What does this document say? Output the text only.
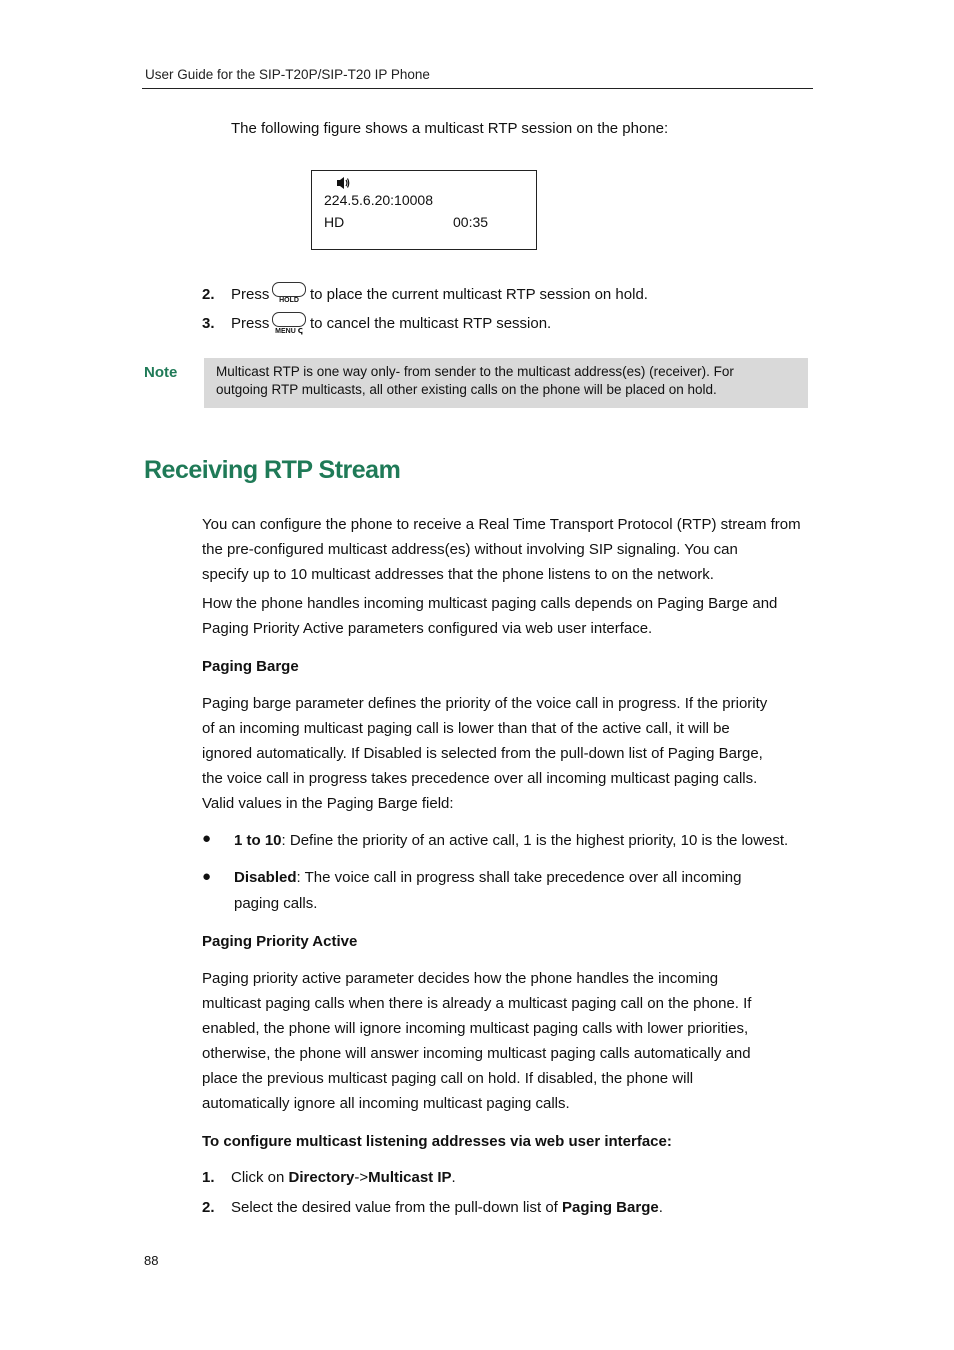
User Guide for the SIP-T20P/SIP-T20 IP Phone
The following figure shows a multicast RTP session on the phone:
224.5.6.20:10008
HD	00:35
2. Press	HOLD to place the current multicast RTP session on hold.
3. Press MENU ↅ to cancel the multicast RTP session.
Note	Multicast RTP is one way only- from sender to the multicast address(es) (receiver). For
outgoing RTP multicasts, all other existing calls on the phone will be placed on hold.
Receiving RTP Stream
You can configure the phone to receive a Real Time Transport Protocol (RTP) stream from
the pre-configured multicast address(es) without involving SIP signaling. You can
specify up to 10 multicast addresses that the phone listens to on the network.
How the phone handles incoming multicast paging calls depends on Paging Barge and
Paging Priority Active parameters configured via web user interface.
Paging Barge
Paging barge parameter defines the priority of the voice call in progress. If the priority
of an incoming multicast paging call is lower than that of the active call, it will be
ignored automatically. If Disabled is selected from the pull-down list of Paging Barge,
the voice call in progress takes precedence over all incoming multicast paging calls.
Valid values in the Paging Barge field:
● 1 to 10: Define the priority of an active call, 1 is the highest priority, 10 is the lowest.
● Disabled: The voice call in progress shall take precedence over all incoming
paging calls.
Paging Priority Active
Paging priority active parameter decides how the phone handles the incoming
multicast paging calls when there is already a multicast paging call on the phone. If
enabled, the phone will ignore incoming multicast paging calls with lower priorities,
otherwise, the phone will answer incoming multicast paging calls automatically and
place the previous multicast paging call on hold. If disabled, the phone will
automatically ignore all incoming multicast paging calls.
To configure multicast listening addresses via web user interface:
1. Click on Directory->Multicast IP.
2. Select the desired value from the pull-down list of Paging Barge.
88
